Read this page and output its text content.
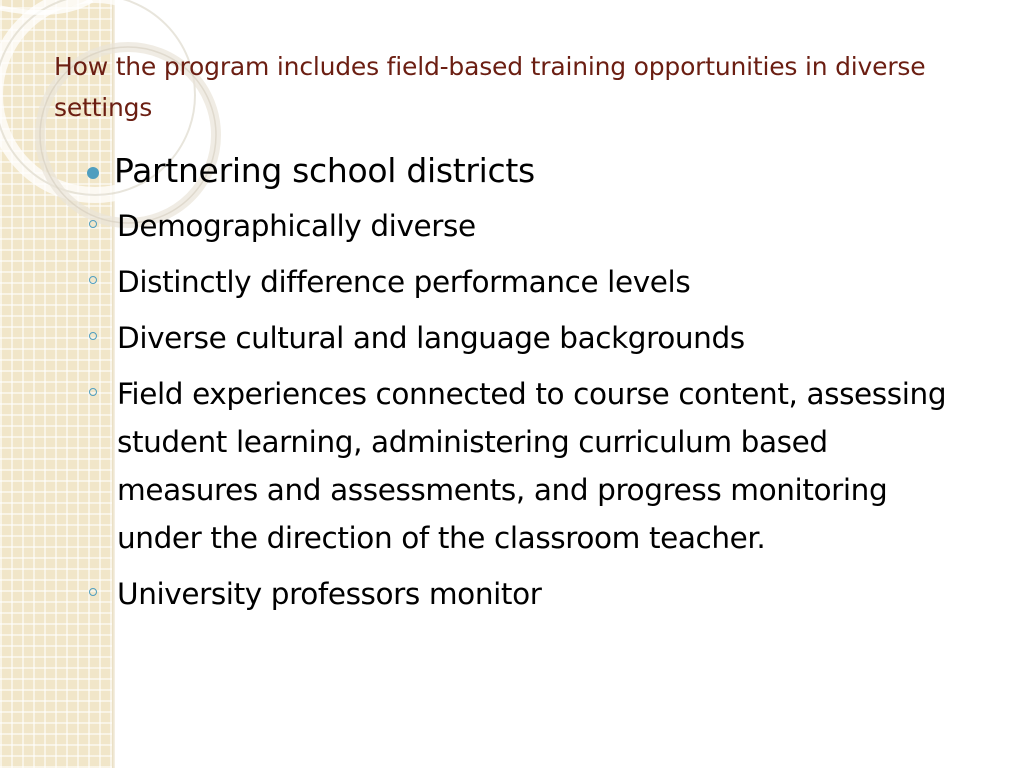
How the program includes field-based training opportunities in diverse settings
Partnering school districts
Demographically diverse
Distinctly difference performance levels
Diverse cultural and language backgrounds
Field experiences connected to course content, assessing student learning, administering curriculum based measures and assessments, and progress monitoring under the direction of the classroom teacher.
University professors monitor
